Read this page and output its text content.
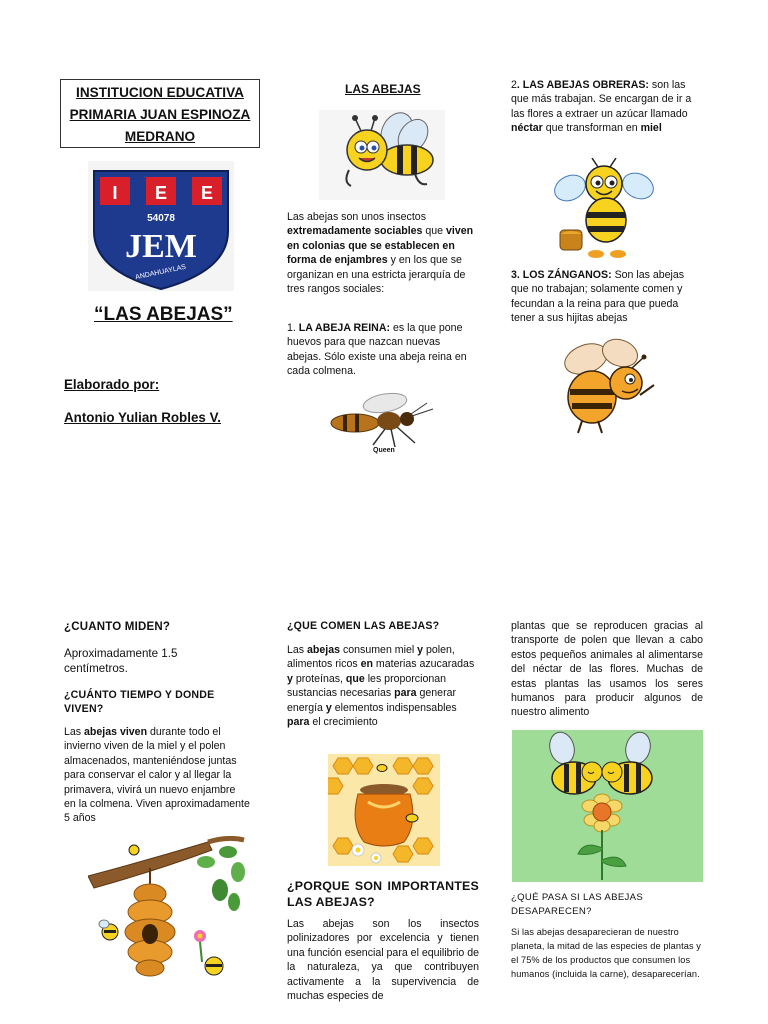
INSTITUCION EDUCATIVA
PRIMARIA JUAN ESPINOZA
MEDRANO
I E E
54078
JEM
ANDAHUAYLAS
“LAS ABEJAS”
Elaborado por:
Antonio Yulian Robles V.
LAS ABEJAS
Las abejas son unos insectos extremadamente sociables que viven en colonias que se establecen en forma de enjambres y en los que se organizan en una estricta jerarquía de tres rangos sociales:
1. LA ABEJA REINA: es la que pone huevos para que nazcan nuevas abejas. Sólo existe una abeja reina en cada colmena.
Queen
2. LAS ABEJAS OBRERAS: son las que más trabajan. Se encargan de ir a las flores a extraer un azúcar llamado néctar que transforman en miel
3. LOS ZÁNGANOS: Son las abejas que no trabajan; solamente comen y fecundan a la reina para que pueda tener a sus hijitas abejas
¿CUANTO MIDEN?
Aproximadamente 1.5 centímetros.
¿CUÁNTO TIEMPO Y DONDE VIVEN?
Las abejas viven durante todo el invierno viven de la miel y el polen almacenados, manteniéndose juntas para conservar el calor y al llegar la primavera, vivirá un nuevo enjambre en la colmena. Viven aproximadamente 5 años
¿QUE COMEN LAS ABEJAS?
Las abejas consumen miel y polen, alimentos ricos en materias azucaradas y proteínas, que les proporcionan sustancias necesarias para generar energía y elementos indispensables para el crecimiento
¿PORQUE SON IMPORTANTES LAS ABEJAS?
Las abejas son los insectos polinizadores por excelencia y tienen una función esencial para el equilibrio de la naturaleza, ya que contribuyen activamente a la supervivencia de muchas especies de
plantas que se reproducen gracias al transporte de polen que llevan a cabo estos pequeños animales al alimentarse del néctar de las flores. Muchas de estas plantas las usamos los seres humanos para producir algunos de nuestro alimento
¿QUÉ PASA SI LAS ABEJAS DESAPARECEN?
Si las abejas desaparecieran de nuestro planeta, la mitad de las especies de plantas y el 75% de los productos que consumen los humanos (incluida la carne), desaparecerían.
